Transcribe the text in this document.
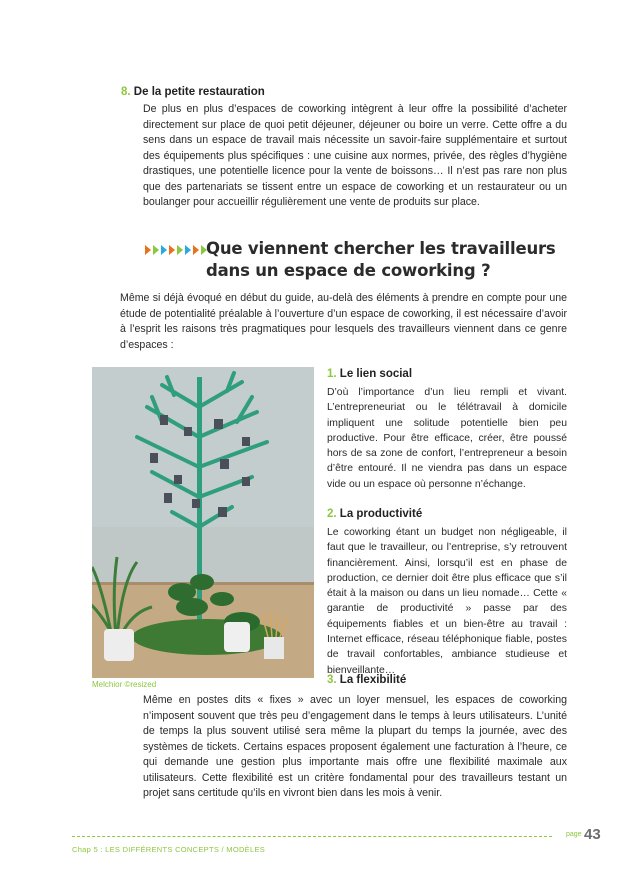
8. De la petite restauration
De plus en plus d’espaces de coworking intègrent à leur offre la possibilité d’acheter directement sur place de quoi petit déjeuner, déjeuner ou boire un verre. Cette offre a du sens dans un espace de travail mais nécessite un savoir-faire supplémentaire et surtout des équipements plus spécifiques : une cuisine aux normes, privée, des règles d’hygiène drastiques, une potentielle licence pour la vente de boissons… Il n’est pas rare non plus que des partenariats se tissent entre un espace de coworking et un restaurateur ou un boulanger pour accueillir régulièrement une vente de produits sur place.
Que viennent chercher les travailleurs
dans un espace de coworking ?
Même si déjà évoqué en début du guide, au-delà des éléments à prendre en compte pour une étude de potentialité préalable à l’ouverture d’un espace de coworking, il est nécessaire d’avoir à l’esprit les raisons très pragmatiques pour lesquels des travailleurs viennent dans ce genre d’espaces :
Melchior ©resized
1. Le lien social
D’où l’importance d’un lieu rempli et vivant. L’entrepreneuriat ou le télétravail à domicile impliquent une solitude potentielle bien peu productive. Pour être efficace, créer, être poussé hors de sa zone de confort, l’entrepreneur a besoin d’être entouré. Il ne viendra pas dans un espace vide ou un espace où personne n’échange.
2. La productivité
Le coworking étant un budget non négligeable, il faut que le travailleur, ou l’entreprise, s’y retrouvent financièrement. Ainsi, lorsqu’il est en phase de production, ce dernier doit être plus efficace que s’il était à la maison ou dans un lieu nomade… Cette « garantie de productivité » passe par des équipements fiables et un bien-être au travail : Internet efficace, réseau téléphonique fiable, postes de travail confortables, ambiance studieuse et bienveillante…
3. La flexibilité
Même en postes dits « fixes » avec un loyer mensuel, les espaces de coworking n’imposent souvent que très peu d’engagement dans le temps à leurs utilisateurs. L’unité de temps la plus souvent utilisé sera même la plupart du temps la journée, avec des systèmes de tickets. Certains espaces proposent également une facturation à l’heure, ce qui demande une gestion plus importante mais offre une flexibilité maximale aux utilisateurs. Cette flexibilité est un critère fondamental pour des travailleurs testant un projet sans certitude qu’ils en vivront bien dans les mois à venir.
Chap 5 : LES DIFFÉRENTS CONCEPTS / MODÈLES
page 43
